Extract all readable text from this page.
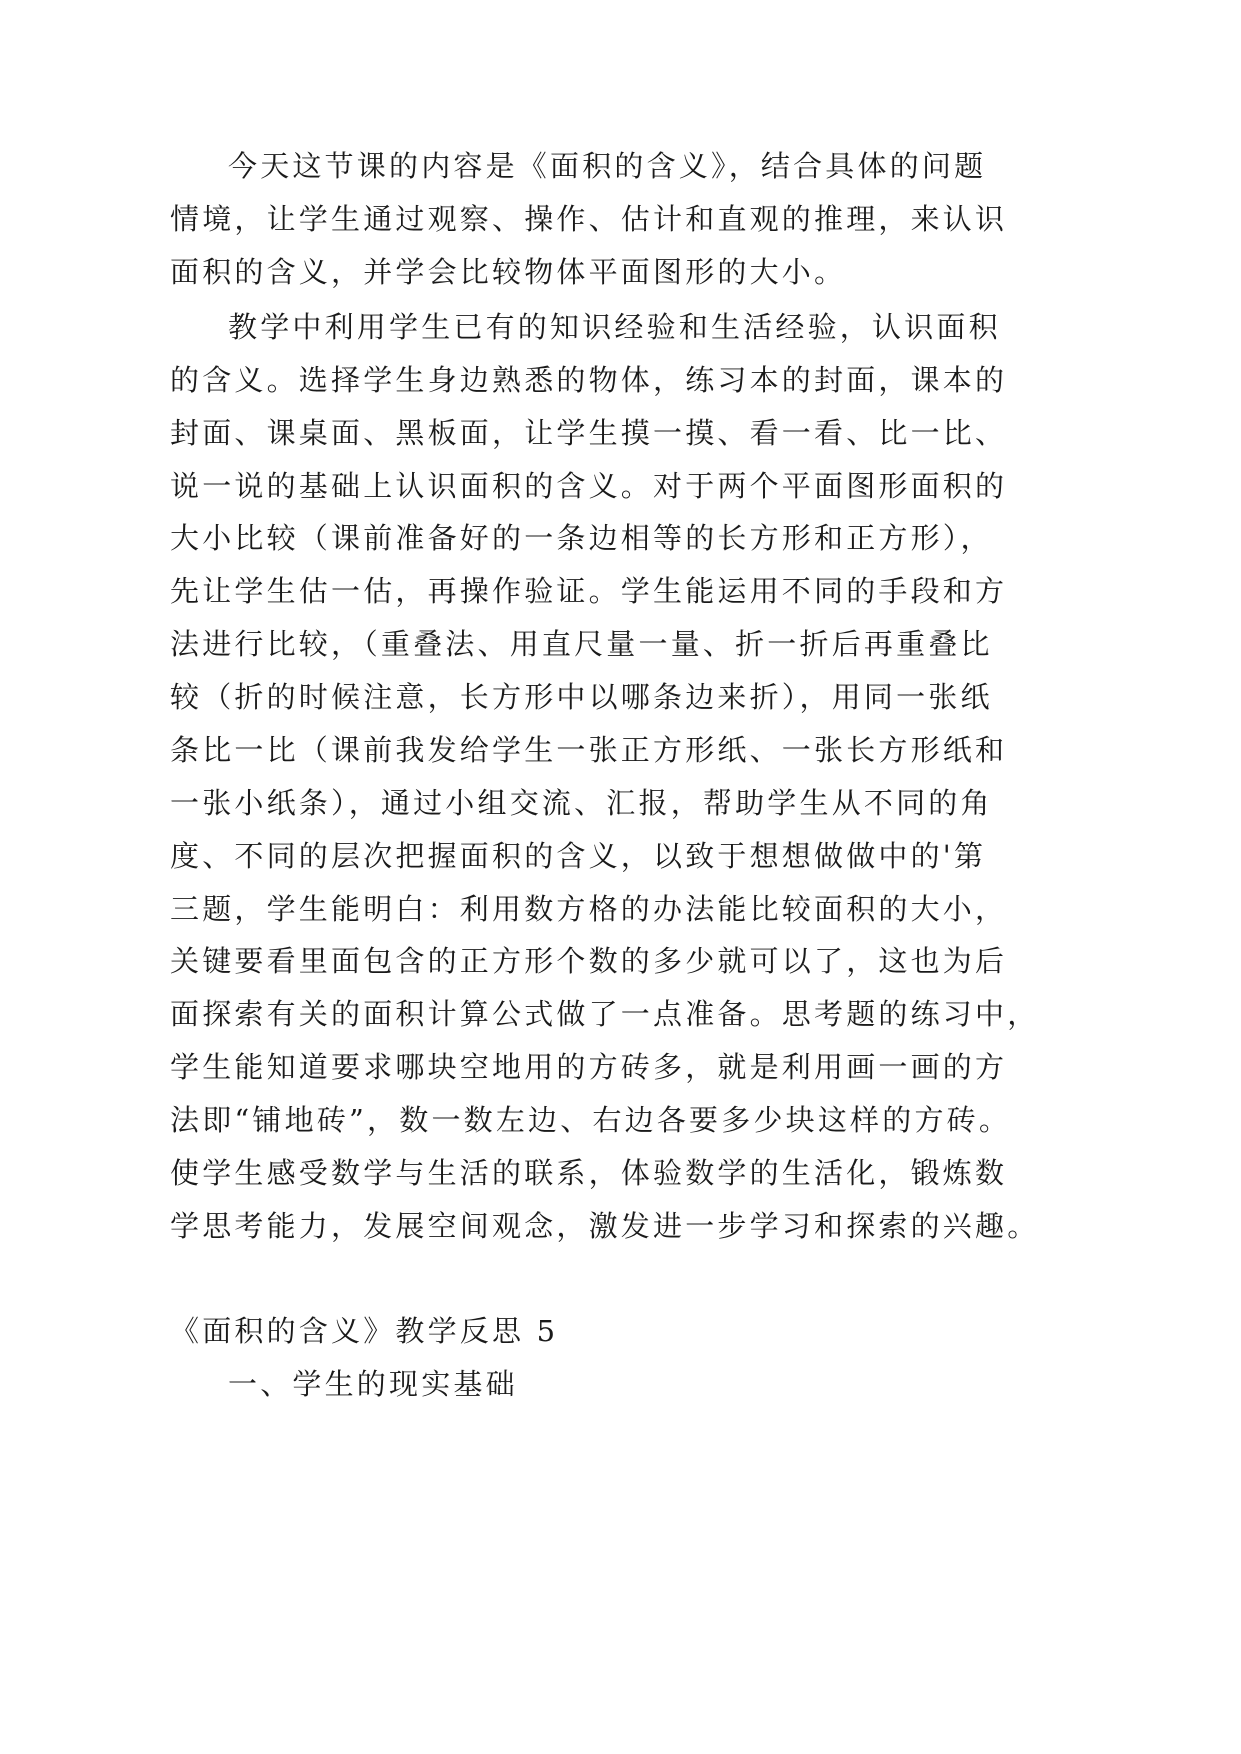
今天这节课的内容是《面积的含义》，结合具体的问题
情境，让学生通过观察、操作、估计和直观的推理，来认识
面积的含义，并学会比较物体平面图形的大小。
教学中利用学生已有的知识经验和生活经验，认识面积
的含义。选择学生身边熟悉的物体，练习本的封面，课本的
封面、课桌面、黑板面，让学生摸一摸、看一看、比一比、
说一说的基础上认识面积的含义。对于两个平面图形面积的
大小比较（课前准备好的一条边相等的长方形和正方形），
先让学生估一估，再操作验证。学生能运用不同的手段和方
法进行比较，（重叠法、用直尺量一量、折一折后再重叠比
较（折的时候注意，长方形中以哪条边来折），用同一张纸
条比一比（课前我发给学生一张正方形纸、一张长方形纸和
一张小纸条），通过小组交流、汇报，帮助学生从不同的角
度、不同的层次把握面积的含义，以致于想想做做中的'第
三题，学生能明白：利用数方格的办法能比较面积的大小，
关键要看里面包含的正方形个数的多少就可以了，这也为后
面探索有关的面积计算公式做了一点准备。思考题的练习中，
学生能知道要求哪块空地用的方砖多，就是利用画一画的方
法即“铺地砖”，数一数左边、右边各要多少块这样的方砖。
使学生感受数学与生活的联系，体验数学的生活化，锻炼数
学思考能力，发展空间观念，激发进一步学习和探索的兴趣。
《面积的含义》教学反思 5
一、学生的现实基础
